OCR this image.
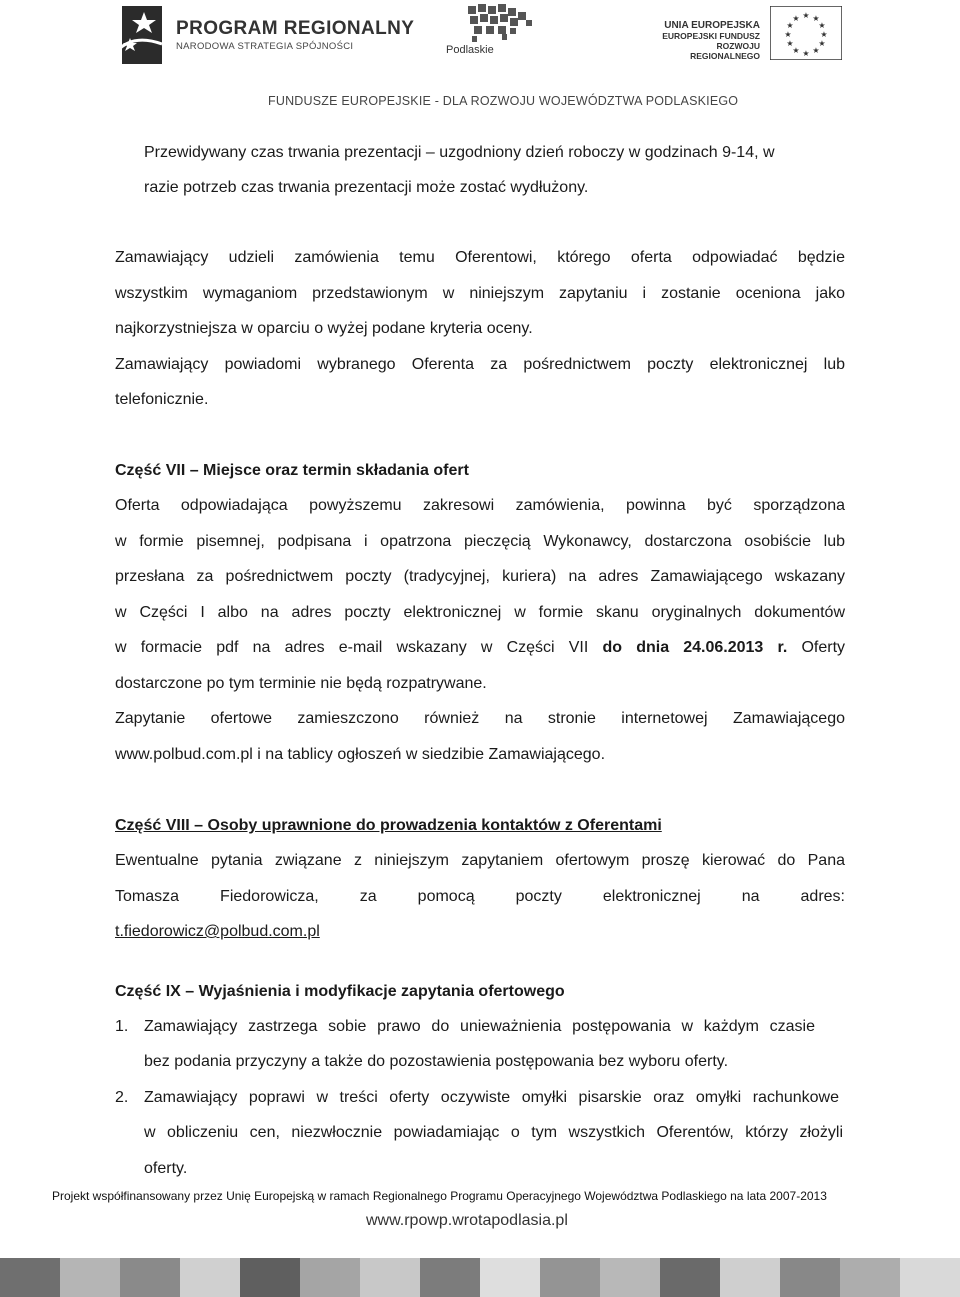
PROGRAM REGIONALNY
NARODOWA STRATEGIA SPÓJNOŚCI	Podlaskie
UNIA EUROPEJSKA
EUROPEJSKI FUNDUSZ
ROZWOJU REGIONALNEGO
★ ★
★
★
★
★
★
★
★
★
★
★
FUNDUSZE EUROPEJSKIE - DLA ROZWOJU WOJEWÓDZTWA PODLASKIEGO
Przewidywany czas trwania prezentacji – uzgodniony dzień roboczy w godzinach 9-14, w
razie potrzeb czas trwania prezentacji może zostać wydłużony.
Zamawiający udzieli zamówienia temu Oferentowi, którego oferta odpowiadać będzie
wszystkim wymaganiom przedstawionym w niniejszym zapytaniu i zostanie oceniona jako
najkorzystniejsza w oparciu o wyżej podane kryteria oceny.
Zamawiający powiadomi wybranego Oferenta za pośrednictwem poczty elektronicznej lub
telefonicznie.
Część VII – Miejsce oraz termin składania ofert
Oferta odpowiadająca powyższemu zakresowi zamówienia, powinna być sporządzona
w formie pisemnej, podpisana i opatrzona pieczęcią Wykonawcy, dostarczona osobiście lub
przesłana za pośrednictwem poczty (tradycyjnej, kuriera) na adres Zamawiającego wskazany
w Części I albo na adres poczty elektronicznej w formie skanu oryginalnych dokumentów
w formacie pdf na adres e-mail wskazany w Części VII do dnia 24.06.2013 r. Oferty
dostarczone po tym terminie nie będą rozpatrywane.
Zapytanie ofertowe zamieszczono również na stronie internetowej Zamawiającego
www.polbud.com.pl i na tablicy ogłoszeń w siedzibie Zamawiającego.
Część VIII – Osoby uprawnione do prowadzenia kontaktów z Oferentami
Ewentualne pytania związane z niniejszym zapytaniem ofertowym proszę kierować do Pana
Tomasza Fiedorowicza, za pomocą poczty elektronicznej na adres:
t.fiedorowicz@polbud.com.pl
Część IX – Wyjaśnienia i modyfikacje zapytania ofertowego
1. Zamawiający zastrzega sobie prawo do unieważnienia postępowania w każdym czasie
bez podania przyczyny a także do pozostawienia postępowania bez wyboru oferty.
2. Zamawiający poprawi w treści oferty oczywiste omyłki pisarskie oraz omyłki rachunkowe
w obliczeniu cen, niezwłocznie powiadamiając o tym wszystkich Oferentów, którzy złożyli
oferty.
Projekt współfinansowany przez Unię Europejską w ramach Regionalnego Programu Operacyjnego Województwa Podlaskiego na lata 2007-2013
www.rpowp.wrotapodlasia.pl
